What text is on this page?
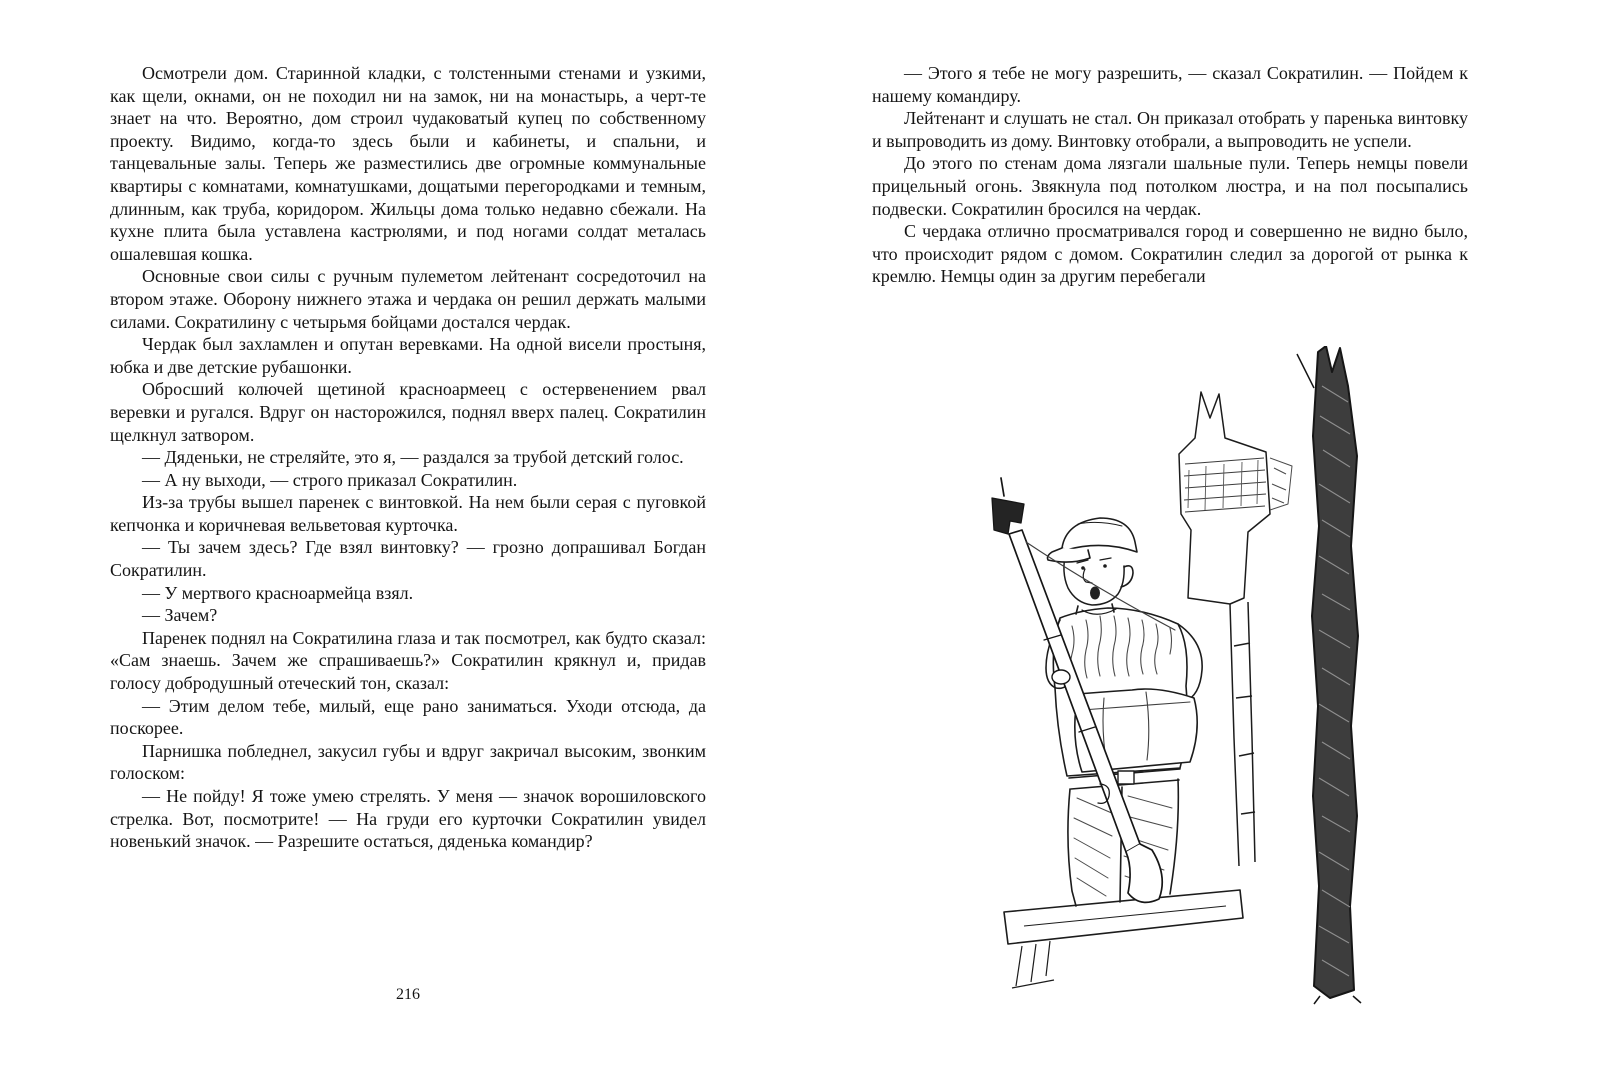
Осмотрели дом. Старинной кладки, с толстенными стенами и узкими, как щели, окнами, он не походил ни на замок, ни на монастырь, а черт-те знает на что. Вероятно, дом строил чудаковатый купец по собственному проекту. Видимо, когда-то здесь были и кабинеты, и спальни, и танцевальные залы. Теперь же разместились две огромные коммунальные квартиры с комнатами, комнатушками, дощатыми перегородками и темным, длинным, как труба, коридором. Жильцы дома только недавно сбежали. На кухне плита была уставлена кастрюлями, и под ногами солдат металась ошалевшая кошка.

Основные свои силы с ручным пулеметом лейтенант сосредоточил на втором этаже. Оборону нижнего этажа и чердака он решил держать малыми силами. Сократилину с четырьмя бойцами достался чердак.

Чердак был захламлен и опутан веревками. На одной висели простыня, юбка и две детские рубашонки.

Обросший колючей щетиной красноармеец с остервенением рвал веревки и ругался. Вдруг он насторожился, поднял вверх палец. Сократилин щелкнул затвором.

— Дяденьки, не стреляйте, это я, — раздался за трубой детский голос.

— А ну выходи, — строго приказал Сократилин.

Из-за трубы вышел паренек с винтовкой. На нем были серая с пуговкой кепчонка и коричневая вельветовая курточка.

— Ты зачем здесь? Где взял винтовку? — грозно допрашивал Богдан Сократилин.

— У мертвого красноармейца взял.

— Зачем?

Паренек поднял на Сократилина глаза и так посмотрел, как будто сказал: «Сам знаешь. Зачем же спрашиваешь?» Сократилин крякнул и, придав голосу добродушный отеческий тон, сказал:

— Этим делом тебе, милый, еще рано заниматься. Уходи отсюда, да поскорее.

Парнишка побледнел, закусил губы и вдруг закричал высоким, звонким голоском:

— Не пойду! Я тоже умею стрелять. У меня — значок ворошиловского стрелка. Вот, посмотрите! — На груди его курточки Сократилин увидел новенький значок. — Разрешите остаться, дяденька командир?

216

— Этого я тебе не могу разрешить, — сказал Сократилин. — Пойдем к нашему командиру.

Лейтенант и слушать не стал. Он приказал отобрать у паренька винтовку и выпроводить из дому. Винтовку отобрали, а выпроводить не успели.

До этого по стенам дома лязгали шальные пули. Теперь немцы повели прицельный огонь. Звякнула под потолком люстра, и на пол посыпались подвески. Сократилин бросился на чердак.

С чердака отлично просматривался город и совершенно не видно было, что происходит рядом с домом. Сократилин следил за дорогой от рынка к кремлю. Немцы один за другим перебегали
